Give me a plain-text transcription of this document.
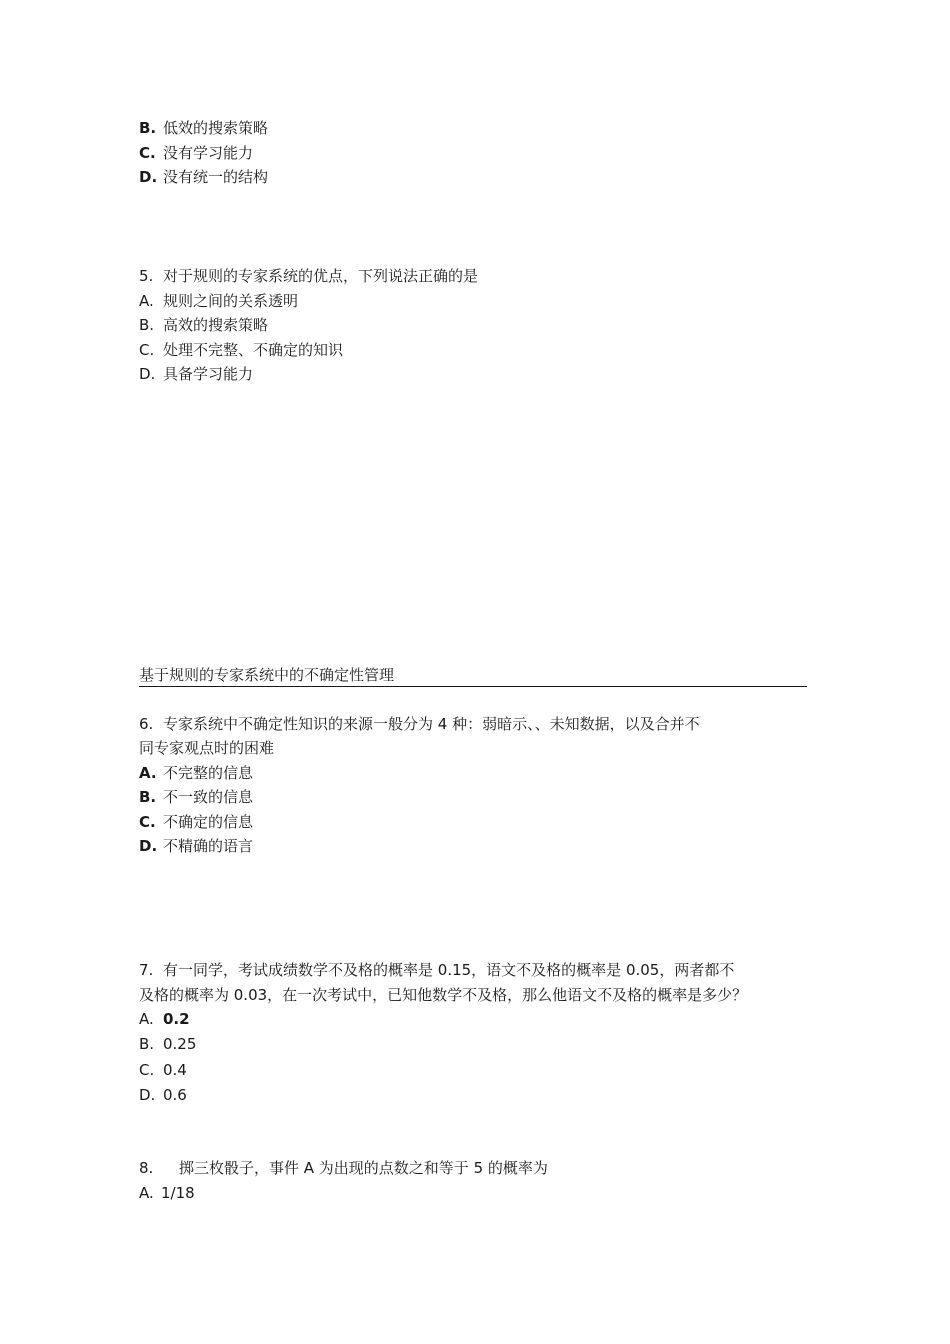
B. 低效的搜索策略
C. 没有学习能力
D. 没有统一的结构
5. 对于规则的专家系统的优点，下列说法正确的是
A. 规则之间的关系透明
B. 高效的搜索策略
C. 处理不完整、不确定的知识
D. 具备学习能力
基于规则的专家系统中的不确定性管理
6. 专家系统中不确定性知识的来源一般分为 4 种：弱暗示、、未知数据，以及合并不
同专家观点时的困难
A. 不完整的信息
B. 不一致的信息
C. 不确定的信息
D. 不精确的语言
7. 有一同学，考试成绩数学不及格的概率是 0.15，语文不及格的概率是 0.05，两者都不
及格的概率为 0.03，在一次考试中，已知他数学不及格，那么他语文不及格的概率是多少？
A. 0.2
B. 0.25
C. 0.4
D. 0.6
8. 掷三枚骰子，事件 A 为出现的点数之和等于 5 的概率为
A. 1/18
